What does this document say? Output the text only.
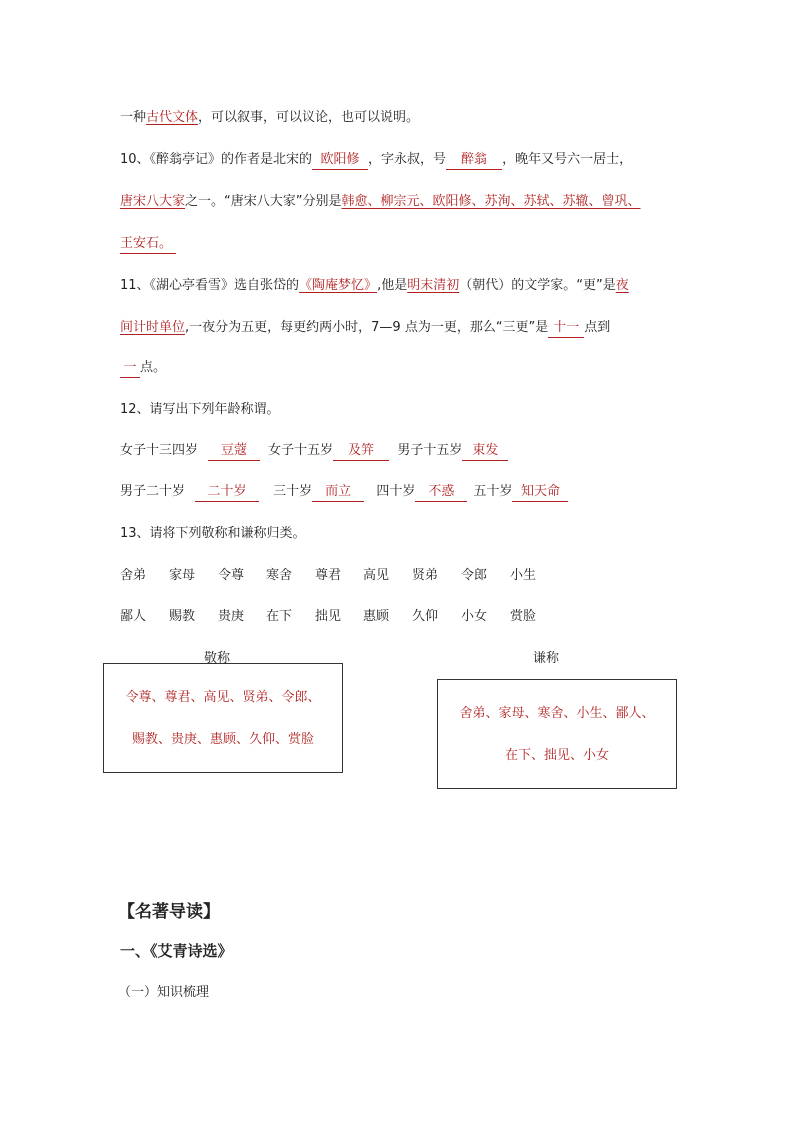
一种古代文体，可以叙事，可以议论，也可以说明。
10、《醉翁亭记》的作者是北宋的 欧阳修 ，字永叔，号 醉翁 ，晚年又号六一居士，
唐宋八大家之一。“唐宋八大家”分别是韩愈、柳宗元、欧阳修、苏洵、苏轼、苏辙、曾巩、
王安石。
11、《湖心亭看雪》选自张岱的《陶庵梦忆》,他是明末清初（朝代）的文学家。“更”是夜
间计时单位,一夜分为五更，每更约两小时，7—9 点为一更，那么“三更”是 十一 点到
一 点。
12、请写出下列年龄称谓。
女子十三四岁 豆蔻 女子十五岁 及笄 男子十五岁 束发
男子二十岁 二十岁 三十岁 而立 四十岁 不惑 五十岁 知天命
13、请将下列敬称和谦称归类。
舍弟 家母 令尊 寒舍 尊君 高见 贤弟 令郎 小生
鄙人 赐教 贵庚 在下 拙见 惠顾 久仰 小女 赏脸
敬称
令尊、尊君、高见、贤弟、令郎、
赐教、贵庚、惠顾、久仰、赏脸
谦称
舍弟、家母、寒舍、小生、鄙人、
在下、拙见、小女
【名著导读】
一、《艾青诗选》
（一）知识梳理
